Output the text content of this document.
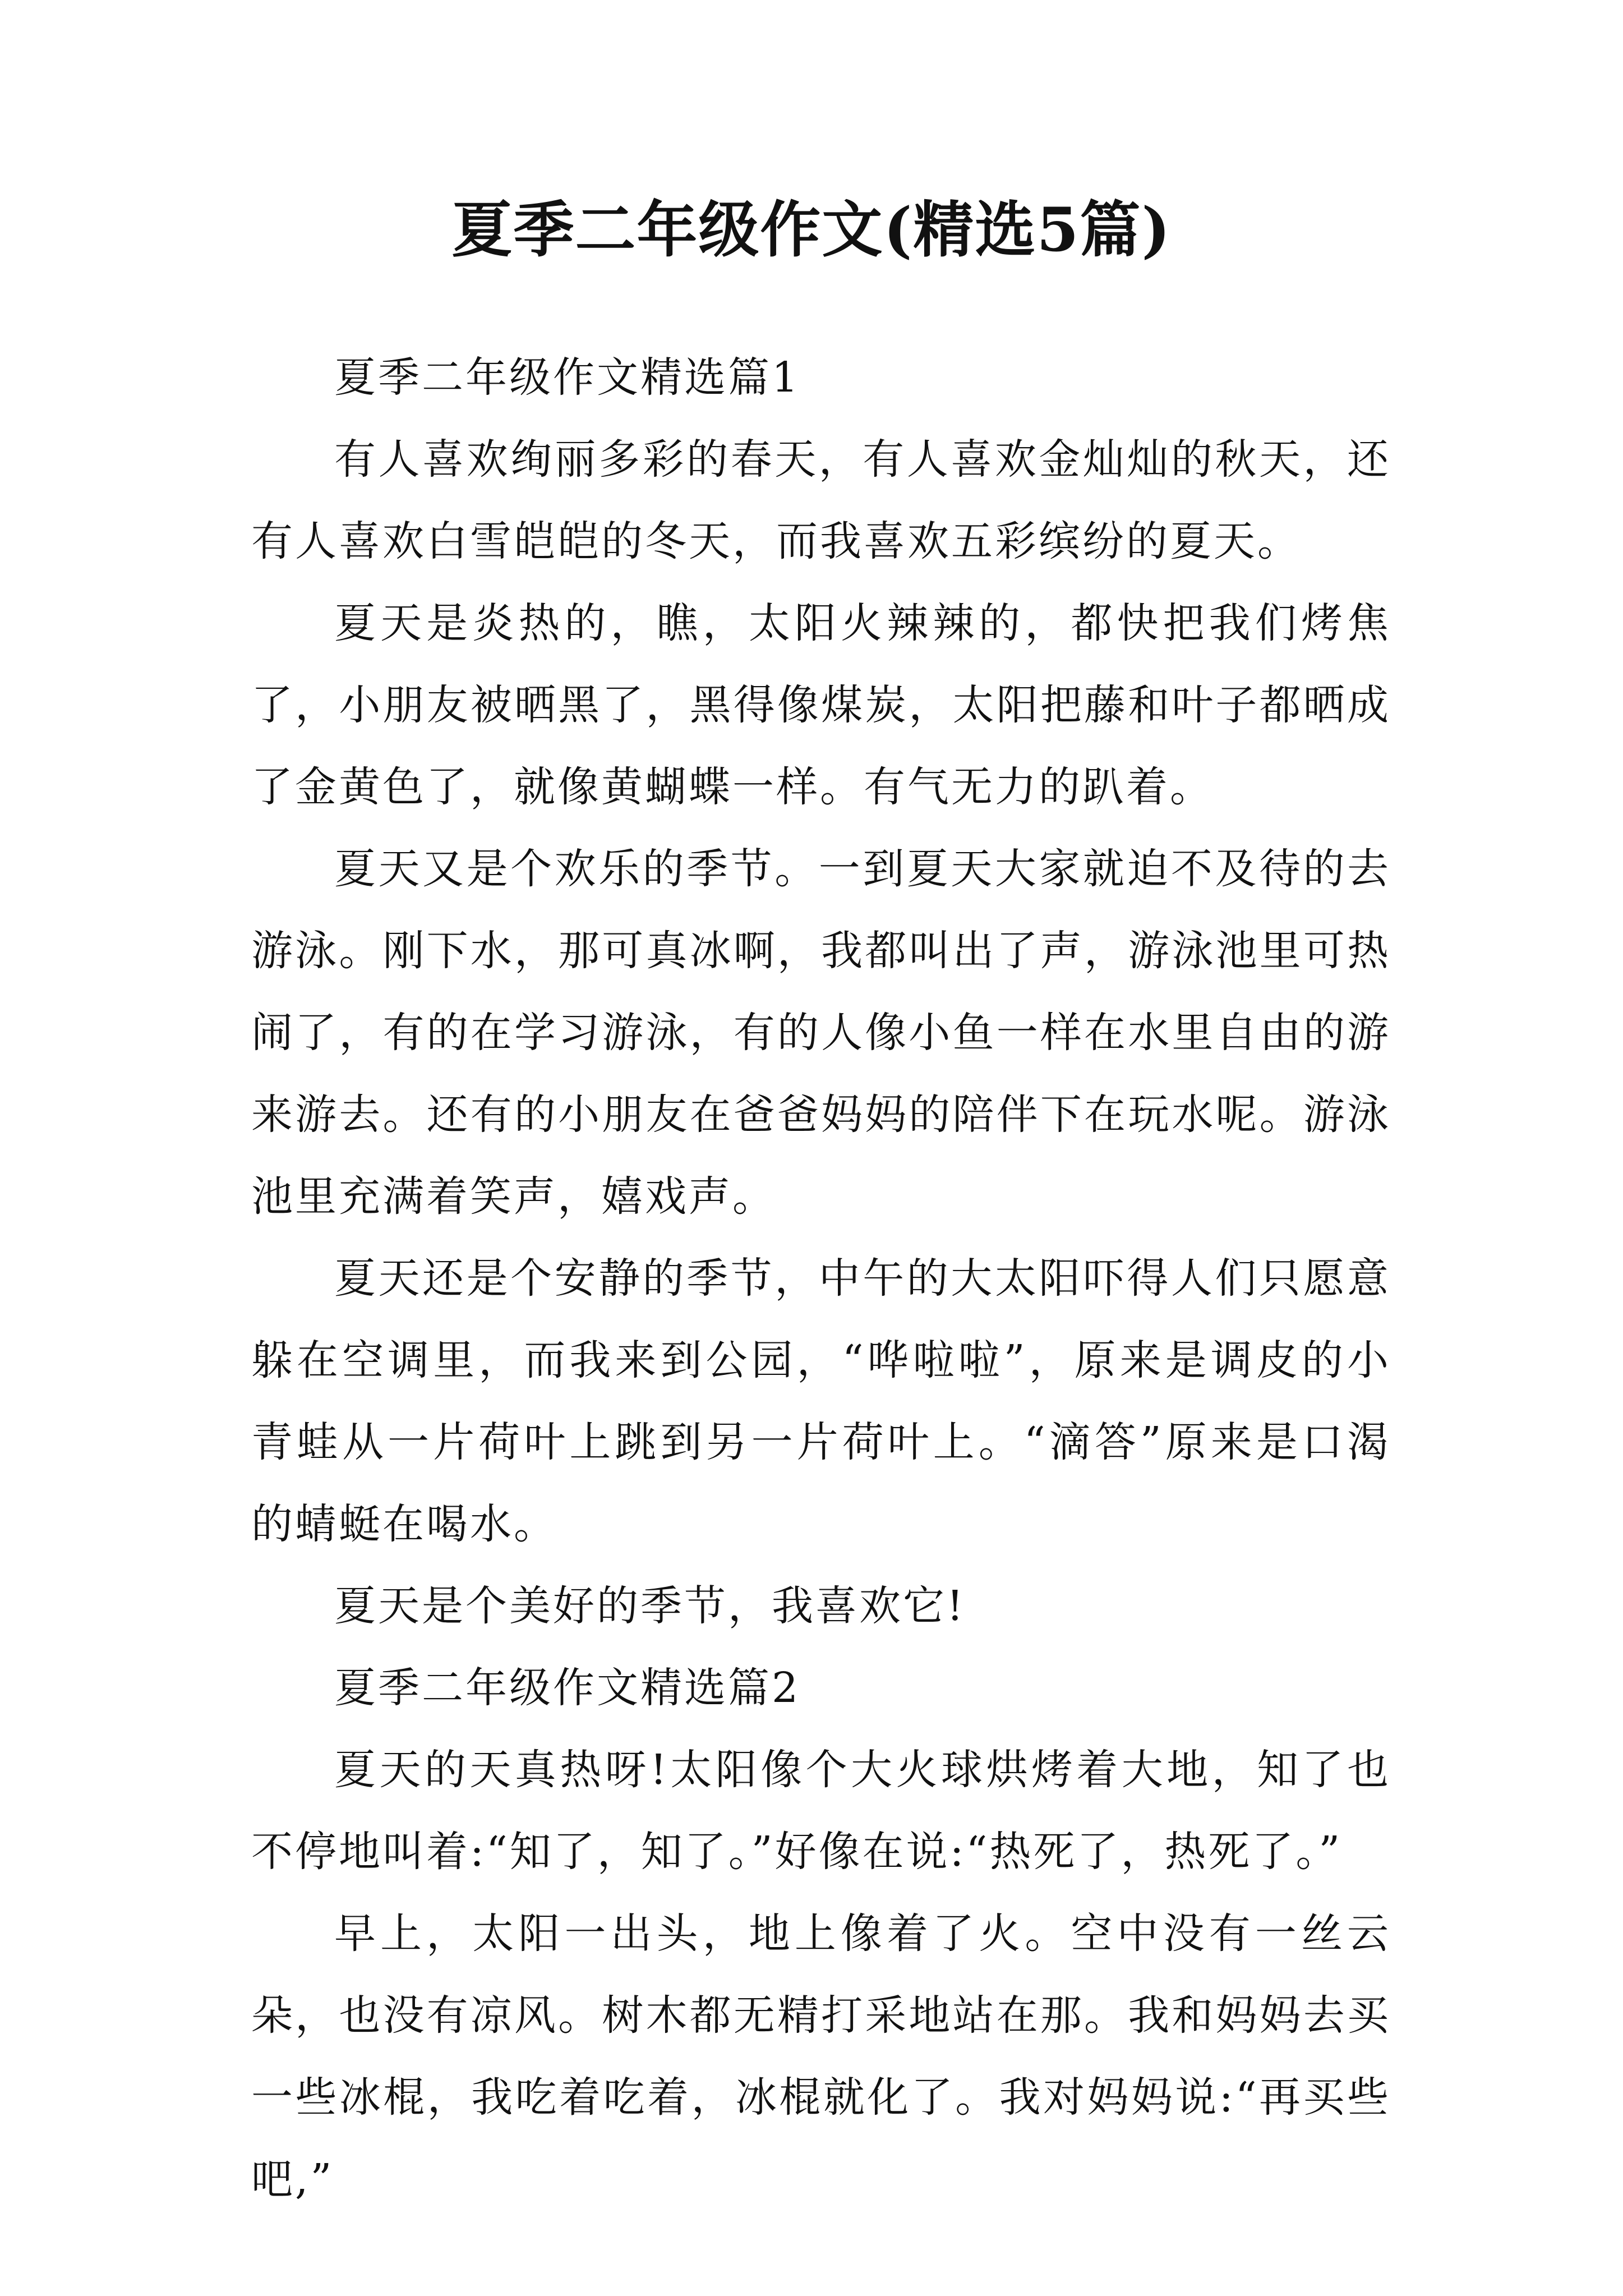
夏季二年级作文(精选5篇)

夏季二年级作文精选篇1

有人喜欢绚丽多彩的春天，有人喜欢金灿灿的秋天，还有人喜欢白雪皑皑的冬天，而我喜欢五彩缤纷的夏天。

夏天是炎热的，瞧，太阳火辣辣的，都快把我们烤焦了，小朋友被晒黑了，黑得像煤炭，太阳把藤和叶子都晒成了金黄色了，就像黄蝴蝶一样。有气无力的趴着。

夏天又是个欢乐的季节。一到夏天大家就迫不及待的去游泳。刚下水，那可真冰啊，我都叫出了声，游泳池里可热闹了，有的在学习游泳，有的人像小鱼一样在水里自由的游来游去。还有的小朋友在爸爸妈妈的陪伴下在玩水呢。游泳池里充满着笑声，嬉戏声。

夏天还是个安静的季节，中午的大太阳吓得人们只愿意躲在空调里，而我来到公园，“哗啦啦”，原来是调皮的小青蛙从一片荷叶上跳到另一片荷叶上。“滴答”原来是口渴的蜻蜓在喝水。

夏天是个美好的季节，我喜欢它!

夏季二年级作文精选篇2

夏天的天真热呀!太阳像个大火球烘烤着大地，知了也不停地叫着:“知了，知了。”好像在说:“热死了，热死了。”

早上，太阳一出头，地上像着了火。空中没有一丝云朵，也没有凉风。树木都无精打采地站在那。我和妈妈去买一些冰棍，我吃着吃着，冰棍就化了。我对妈妈说:“再买些吧,”
